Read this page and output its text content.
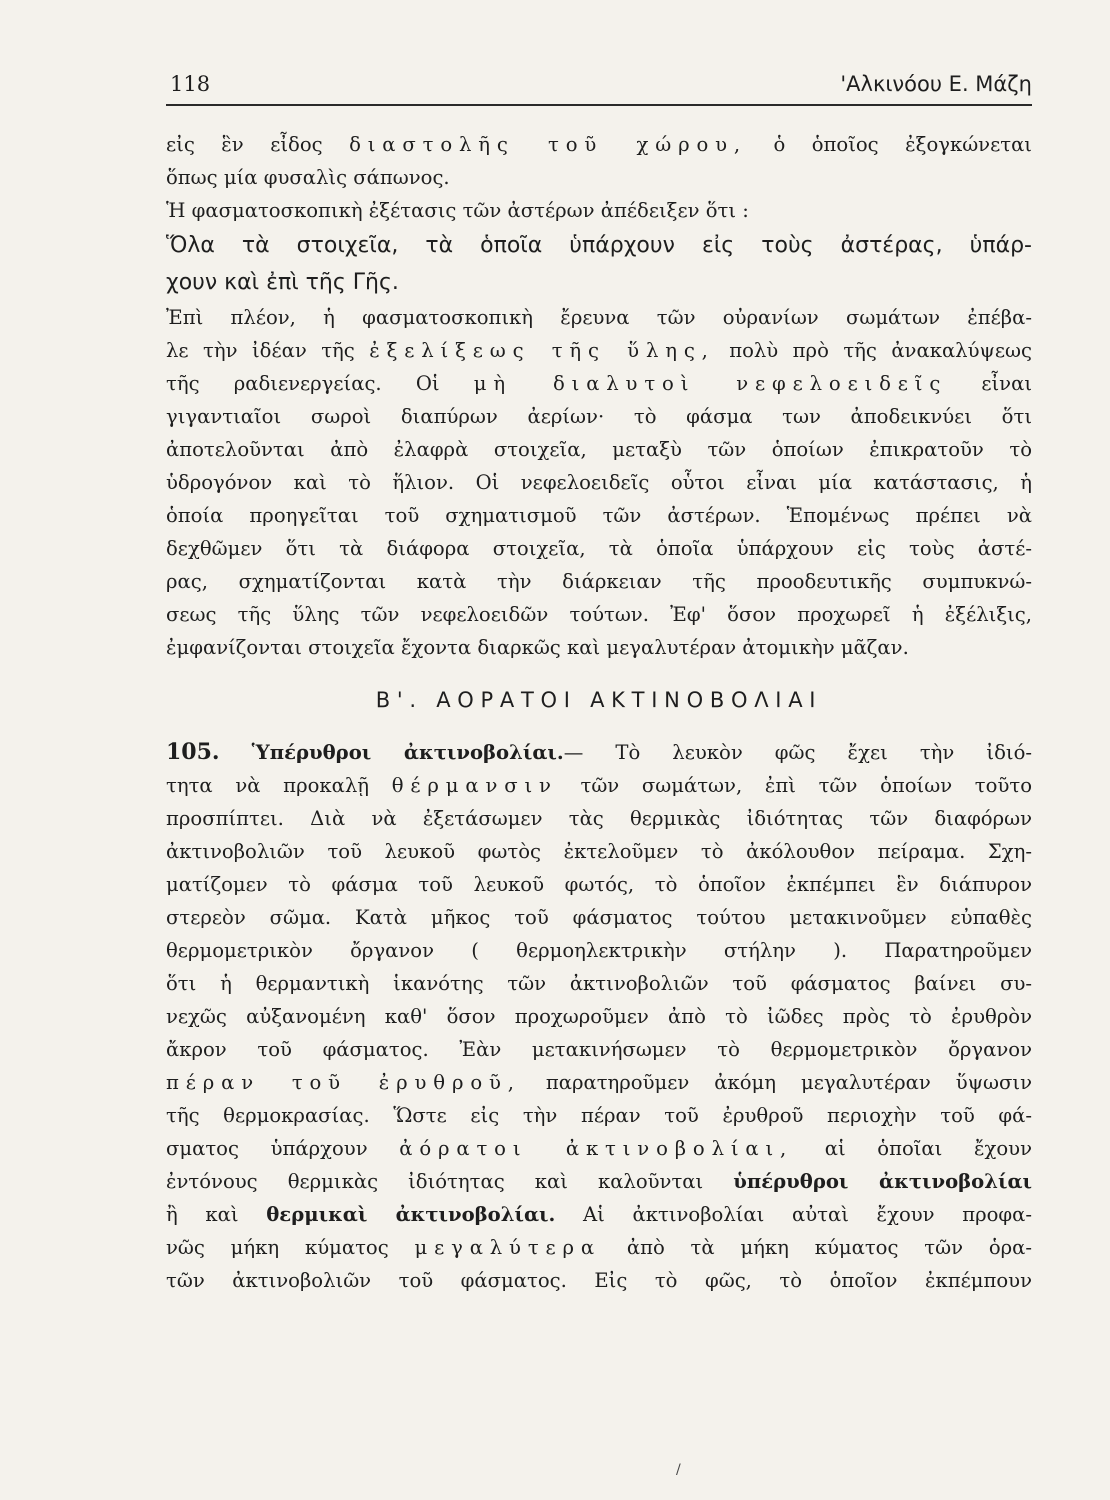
118	'Αλκινόου Ε. Μάζη
εἰς ἓν εἶδος διαστολῆς τοῦ χώρου, ὁ ὁποῖος ἐξογκώνεται
ὅπως μία φυσαλὶς σάπωνος.
Ἡ φασματοσκοπικὴ ἐξέτασις τῶν ἀστέρων ἀπέδειξεν ὅτι :
Ὅλα τὰ στοιχεῖα, τὰ ὁποῖα ὑπάρχουν εἰς τοὺς ἀστέρας, ὑπάρ-
χουν καὶ ἐπὶ τῆς Γῆς.
Ἐπὶ πλέον, ἡ φασματοσκοπικὴ ἔρευνα τῶν οὐρανίων σωμάτων ἐπέβα-
λε τὴν ἰδέαν τῆς ἐξελίξεως τῆς ὕλης, πολὺ πρὸ τῆς ἀνακαλύψεως
τῆς ραδιενεργείας. Οἱ μὴ διαλυτοὶ νεφελοειδεῖς εἶναι
γιγαντιαῖοι σωροὶ διαπύρων ἀερίων· τὸ φάσμα των ἀποδεικνύει ὅτι
ἀποτελοῦνται ἀπὸ ἐλαφρὰ στοιχεῖα, μεταξὺ τῶν ὁποίων ἐπικρατοῦν τὸ
ὑδρογόνον καὶ τὸ ἥλιον. Οἱ νεφελοειδεῖς οὗτοι εἶναι μία κατάστασις, ἡ
ὁποία προηγεῖται τοῦ σχηματισμοῦ τῶν ἀστέρων. Ἑπομένως πρέπει νὰ
δεχθῶμεν ὅτι τὰ διάφορα στοιχεῖα, τὰ ὁποῖα ὑπάρχουν εἰς τοὺς ἀστέ-
ρας, σχηματίζονται κατὰ τὴν διάρκειαν τῆς προοδευτικῆς συμπυκνώ-
σεως τῆς ὕλης τῶν νεφελοειδῶν τούτων. Ἐφ' ὅσον προχωρεῖ ἡ ἐξέλιξις,
ἐμφανίζονται στοιχεῖα ἔχοντα διαρκῶς καὶ μεγαλυτέραν ἀτομικὴν μᾶζαν.
Β'. ΑΟΡΑΤΟΙ ΑΚΤΙΝΟΒΟΛΙΑΙ
105. Ὑπέρυθροι ἀκτινοβολίαι.— Τὸ λευκὸν φῶς ἔχει τὴν ἰδιό-
τητα νὰ προκαλῇ θέρμανσιν τῶν σωμάτων, ἐπὶ τῶν ὁποίων τοῦτο
προσπίπτει. Διὰ νὰ ἐξετάσωμεν τὰς θερμικὰς ἰδιότητας τῶν διαφόρων
ἀκτινοβολιῶν τοῦ λευκοῦ φωτὸς ἐκτελοῦμεν τὸ ἀκόλουθον πείραμα. Σχη-
ματίζομεν τὸ φάσμα τοῦ λευκοῦ φωτός, τὸ ὁποῖον ἐκπέμπει ἓν διάπυρον
στερεὸν σῶμα. Κατὰ μῆκος τοῦ φάσματος τούτου μετακινοῦμεν εὐπαθὲς
θερμομετρικὸν ὄργανον ( θερμοηλεκτρικὴν στήλην ). Παρατηροῦμεν
ὅτι ἡ θερμαντικὴ ἱκανότης τῶν ἀκτινοβολιῶν τοῦ φάσματος βαίνει συ-
νεχῶς αὐξανομένη καθ' ὅσον προχωροῦμεν ἀπὸ τὸ ἰῶδες πρὸς τὸ ἐρυθρὸν
ἄκρον τοῦ φάσματος. Ἐὰν μετακινήσωμεν τὸ θερμομετρικὸν ὄργανον
πέραν τοῦ ἐρυθροῦ, παρατηροῦμεν ἀκόμη μεγαλυτέραν ὕψωσιν
τῆς θερμοκρασίας. Ὥστε εἰς τὴν πέραν τοῦ ἐρυθροῦ περιοχὴν τοῦ φά-
σματος ὑπάρχουν ἀόρατοι ἀκτινοβολίαι, αἱ ὁποῖαι ἔχουν
ἐντόνους θερμικὰς ἰδιότητας καὶ καλοῦνται ὑπέρυθροι ἀκτινοβολίαι
ἢ καὶ θερμικαὶ ἀκτινοβολίαι. Αἱ ἀκτινοβολίαι αὐταὶ ἔχουν προφα-
νῶς μήκη κύματος μεγαλύτερα ἀπὸ τὰ μήκη κύματος τῶν ὁρα-
τῶν ἀκτινοβολιῶν τοῦ φάσματος. Εἰς τὸ φῶς, τὸ ὁποῖον ἐκπέμπουν
/
